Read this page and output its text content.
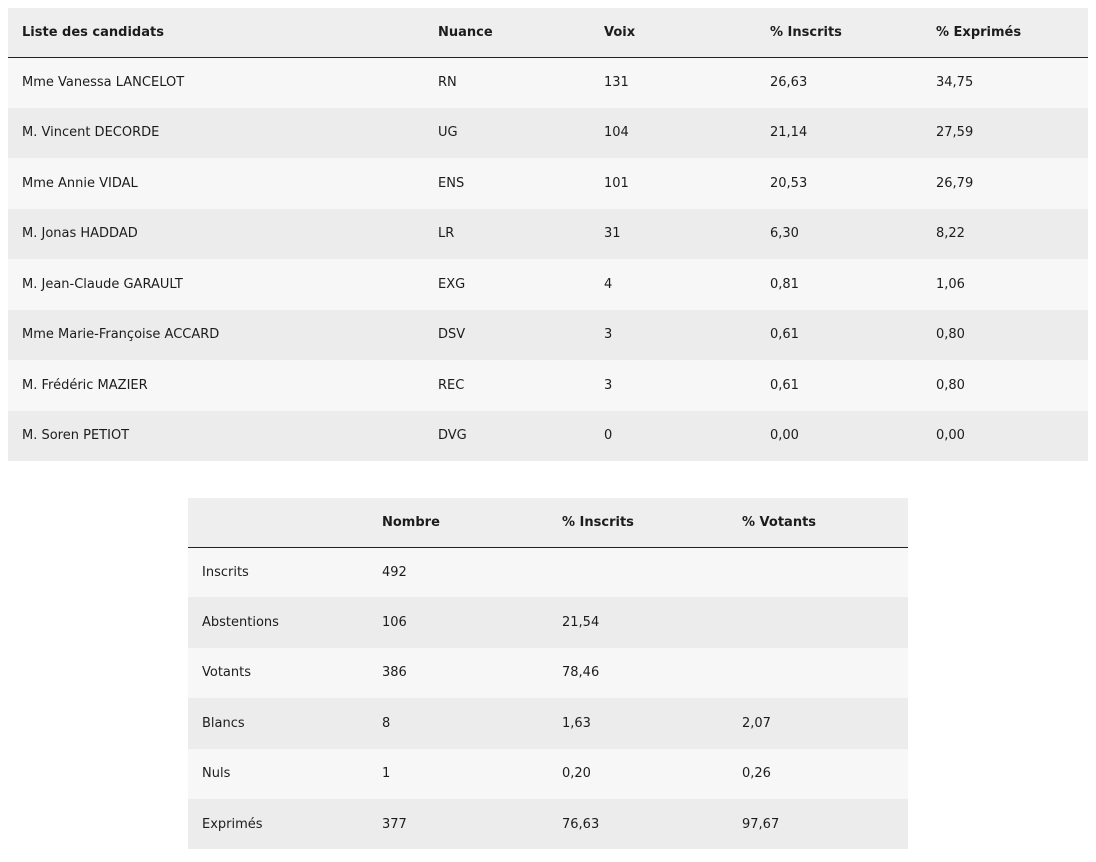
Liste des candidats	Nuance	Voix	% Inscrits	% Exprimés
Mme Vanessa LANCELOT	RN	131	26,63	34,75
M. Vincent DECORDE	UG	104	21,14	27,59
Mme Annie VIDAL	ENS	101	20,53	26,79
M. Jonas HADDAD	LR	31	6,30	8,22
M. Jean-Claude GARAULT	EXG	4	0,81	1,06
Mme Marie-Françoise ACCARD	DSV	3	0,61	0,80
M. Frédéric MAZIER	REC	3	0,61	0,80
M. Soren PETIOT	DVG	0	0,00	0,00
	Nombre	% Inscrits	% Votants
Inscrits	492		
Abstentions	106	21,54	
Votants	386	78,46	
Blancs	8	1,63	2,07
Nuls	1	0,20	0,26
Exprimés	377	76,63	97,67
